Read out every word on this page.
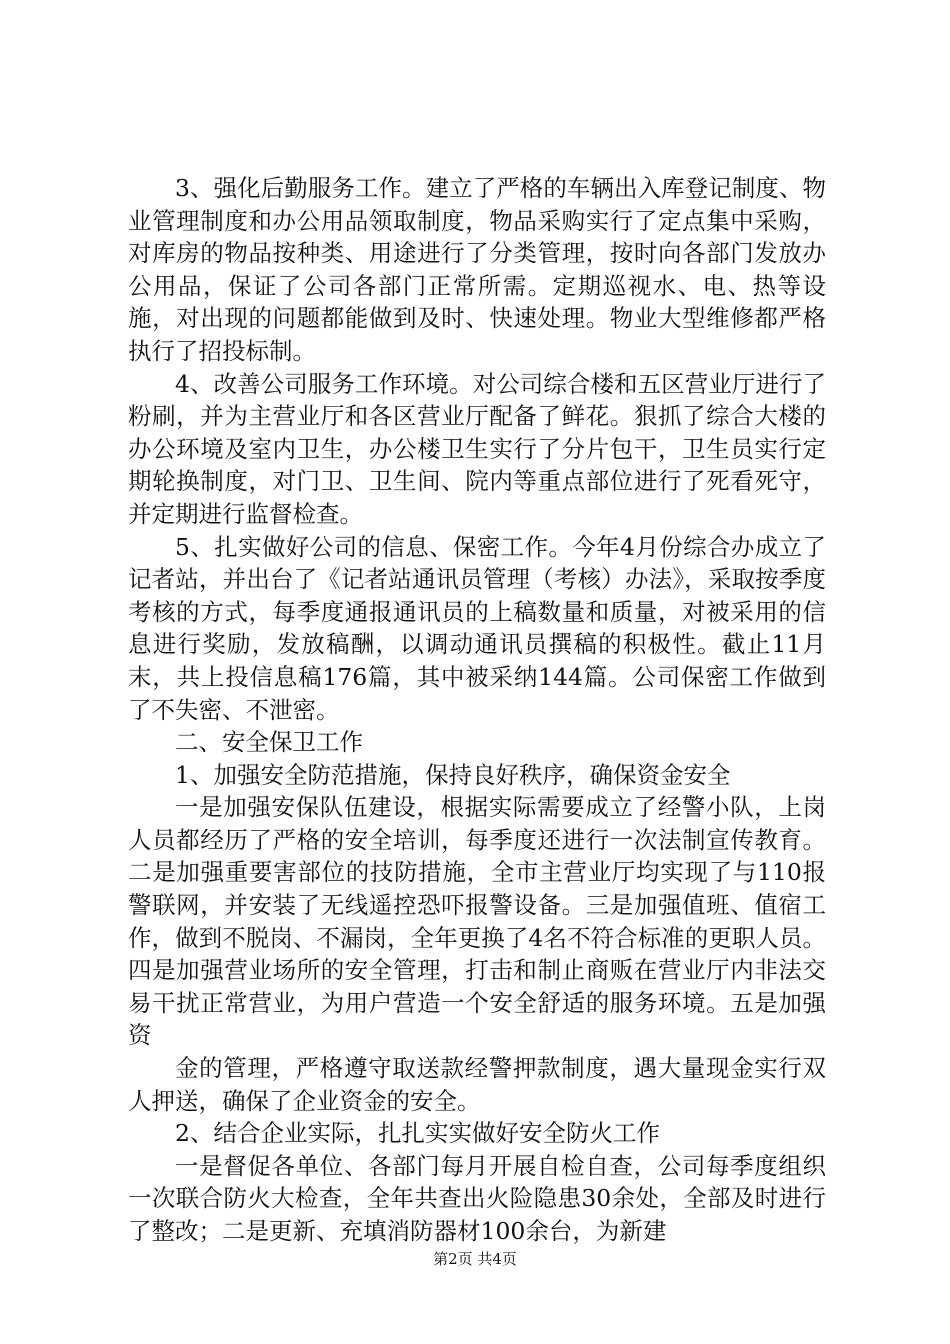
3、强化后勤服务工作。建立了严格的车辆出入库登记制度、物业管理制度和办公用品领取制度，物品采购实行了定点集中采购，对库房的物品按种类、用途进行了分类管理，按时向各部门发放办公用品，保证了公司各部门正常所需。定期巡视水、电、热等设施，对出现的问题都能做到及时、快速处理。物业大型维修都严格执行了招投标制。

4、改善公司服务工作环境。对公司综合楼和五区营业厅进行了粉刷，并为主营业厅和各区营业厅配备了鲜花。狠抓了综合大楼的办公环境及室内卫生，办公楼卫生实行了分片包干，卫生员实行定期轮换制度，对门卫、卫生间、院内等重点部位进行了死看死守，并定期进行监督检查。

5、扎实做好公司的信息、保密工作。今年4月份综合办成立了记者站，并出台了《记者站通讯员管理（考核）办法》，采取按季度考核的方式，每季度通报通讯员的上稿数量和质量，对被采用的信息进行奖励，发放稿酬，以调动通讯员撰稿的积极性。截止11月末，共上投信息稿176篇，其中被采纳144篇。公司保密工作做到了不失密、不泄密。

二、安全保卫工作

1、加强安全防范措施，保持良好秩序，确保资金安全

一是加强安保队伍建设，根据实际需要成立了经警小队，上岗人员都经历了严格的安全培训，每季度还进行一次法制宣传教育。二是加强重要害部位的技防措施，全市主营业厅均实现了与110报警联网，并安装了无线遥控恐吓报警设备。三是加强值班、值宿工作，做到不脱岗、不漏岗，全年更换了4名不符合标准的更职人员。四是加强营业场所的安全管理，打击和制止商贩在营业厅内非法交易干扰正常营业，为用户营造一个安全舒适的服务环境。五是加强资

金的管理，严格遵守取送款经警押款制度，遇大量现金实行双人押送，确保了企业资金的安全。

2、结合企业实际，扎扎实实做好安全防火工作

一是督促各单位、各部门每月开展自检自查，公司每季度组织一次联合防火大检查，全年共查出火险隐患30余处，全部及时进行了整改；二是更新、充填消防器材100余台，为新建

第2页 共4页
